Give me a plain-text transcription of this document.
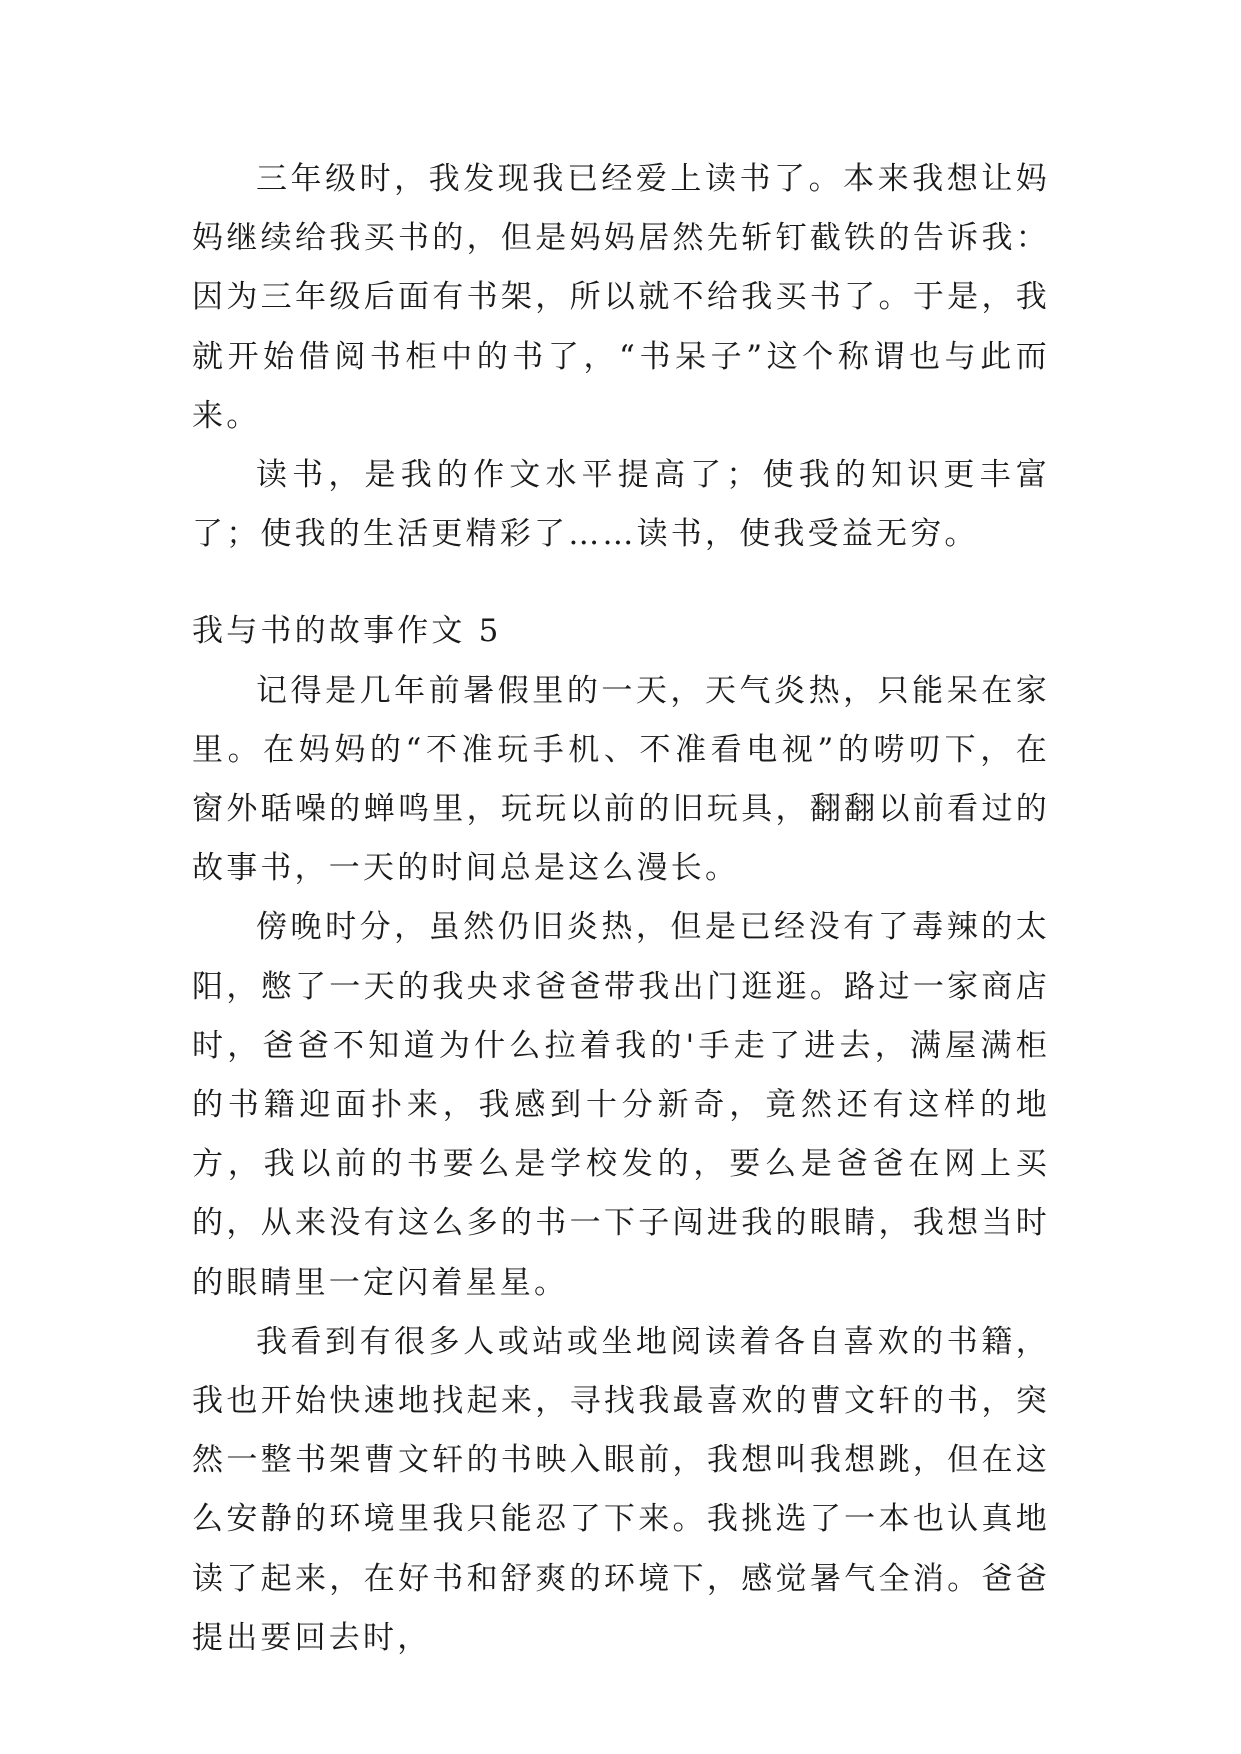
三年级时，我发现我已经爱上读书了。本来我想让妈妈继续给我买书的，但是妈妈居然先斩钉截铁的告诉我：因为三年级后面有书架，所以就不给我买书了。于是，我就开始借阅书柜中的书了，“书呆子”这个称谓也与此而来。

读书，是我的作文水平提高了；使我的知识更丰富了；使我的生活更精彩了……读书，使我受益无穷。

我与书的故事作文 5

记得是几年前暑假里的一天，天气炎热，只能呆在家里。在妈妈的“不准玩手机、不准看电视”的唠叨下，在窗外聒噪的蝉鸣里，玩玩以前的旧玩具，翻翻以前看过的故事书，一天的时间总是这么漫长。

傍晚时分，虽然仍旧炎热，但是已经没有了毒辣的太阳，憋了一天的我央求爸爸带我出门逛逛。路过一家商店时，爸爸不知道为什么拉着我的'手走了进去，满屋满柜的书籍迎面扑来，我感到十分新奇，竟然还有这样的地方，我以前的书要么是学校发的，要么是爸爸在网上买的，从来没有这么多的书一下子闯进我的眼睛，我想当时的眼睛里一定闪着星星。

我看到有很多人或站或坐地阅读着各自喜欢的书籍，我也开始快速地找起来，寻找我最喜欢的曹文轩的书，突然一整书架曹文轩的书映入眼前，我想叫我想跳，但在这么安静的环境里我只能忍了下来。我挑选了一本也认真地读了起来，在好书和舒爽的环境下，感觉暑气全消。爸爸提出要回去时，
